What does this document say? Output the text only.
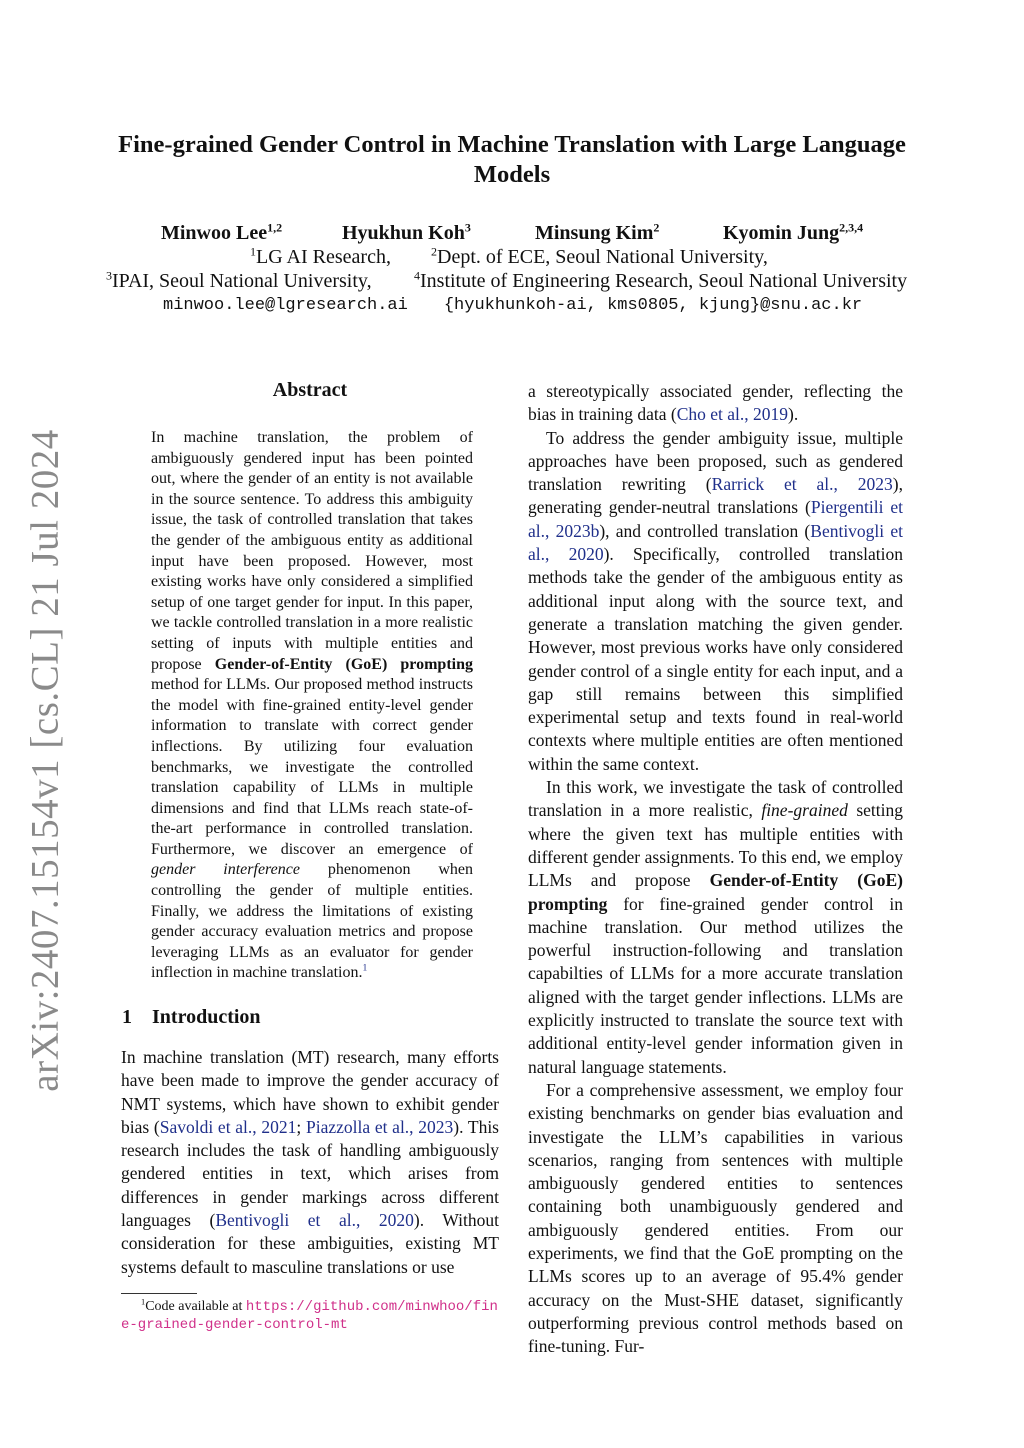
arXiv:2407.15154v1 [cs.CL] 21 Jul 2024
Fine-grained Gender Control in Machine Translation with Large Language Models
Minwoo Lee$^{1,2}$	Hyukhun Koh$^3$	Minsung Kim$^2$	Kyomin Jung$^{2,3,4}$
$^1$LG AI Research,	$^2$Dept. of ECE, Seoul National University,
$^3$IPAI, Seoul National University,	$^4$Institute of Engineering Research, Seoul National University
minwoo.lee@lgresearch.ai {hyukhunkoh-ai, kms0805, kjung}@snu.ac.kr
Abstract
In machine translation, the problem of ambiguously gendered input has been pointed out, where the gender of an entity is not available in the source sentence. To address this ambiguity issue, the task of controlled translation that takes the gender of the ambiguous entity as additional input have been proposed. However, most existing works have only considered a simplified setup of one target gender for input. In this paper, we tackle controlled translation in a more realistic setting of inputs with multiple entities and propose Gender-of-Entity (GoE) prompting method for LLMs. Our proposed method instructs the model with fine-grained entity-level gender information to translate with correct gender inflections. By utilizing four evaluation benchmarks, we investigate the controlled translation capability of LLMs in multiple dimensions and find that LLMs reach state-of-the-art performance in controlled translation. Furthermore, we discover an emergence of gender interference phenomenon when controlling the gender of multiple entities. Finally, we address the limitations of existing gender accuracy evaluation metrics and propose leveraging LLMs as an evaluator for gender inflection in machine translation.$^1$
1 Introduction

In machine translation (MT) research, many efforts have been made to improve the gender accuracy of NMT systems, which have shown to exhibit gender bias (Savoldi et al., 2021; Piazzolla et al., 2023). This research includes the task of handling ambiguously gendered entities in text, which arises from differences in gender markings across different languages (Bentivogli et al., 2020). Without consideration for these ambiguities, existing MT systems default to masculine translations or use

a stereotypically associated gender, reflecting the bias in training data (Cho et al., 2019).

To address the gender ambiguity issue, multiple approaches have been proposed, such as gendered translation rewriting (Rarrick et al., 2023), generating gender-neutral translations (Piergentili et al., 2023b), and controlled translation (Bentivogli et al., 2020). Specifically, controlled translation methods take the gender of the ambiguous entity as additional input along with the source text, and generate a translation matching the given gender. However, most previous works have only considered gender control of a single entity for each input, and a gap still remains between this simplified experimental setup and texts found in real-world contexts where multiple entities are often mentioned within the same context.

In this work, we investigate the task of controlled translation in a more realistic, fine-grained setting where the given text has multiple entities with different gender assignments. To this end, we employ LLMs and propose Gender-of-Entity (GoE) prompting for fine-grained gender control in machine translation. Our method utilizes the powerful instruction-following and translation capabilties of LLMs for a more accurate translation aligned with the target gender inflections. LLMs are explicitly instructed to translate the source text with additional entity-level gender information given in natural language statements.

For a comprehensive assessment, we employ four existing benchmarks on gender bias evaluation and investigate the LLM’s capabilities in various scenarios, ranging from sentences with multiple ambiguously gendered entities to sentences containing both unambiguously gendered and ambiguously gendered entities. From our experiments, we find that the GoE prompting on the LLMs scores up to an average of 95.4% gender accuracy on the Must-SHE dataset, significantly outperforming previous control methods based on fine-tuning. Fur-

$^1$Code available at https://github.com/minwhoo/fine-grained-gender-control-mt
